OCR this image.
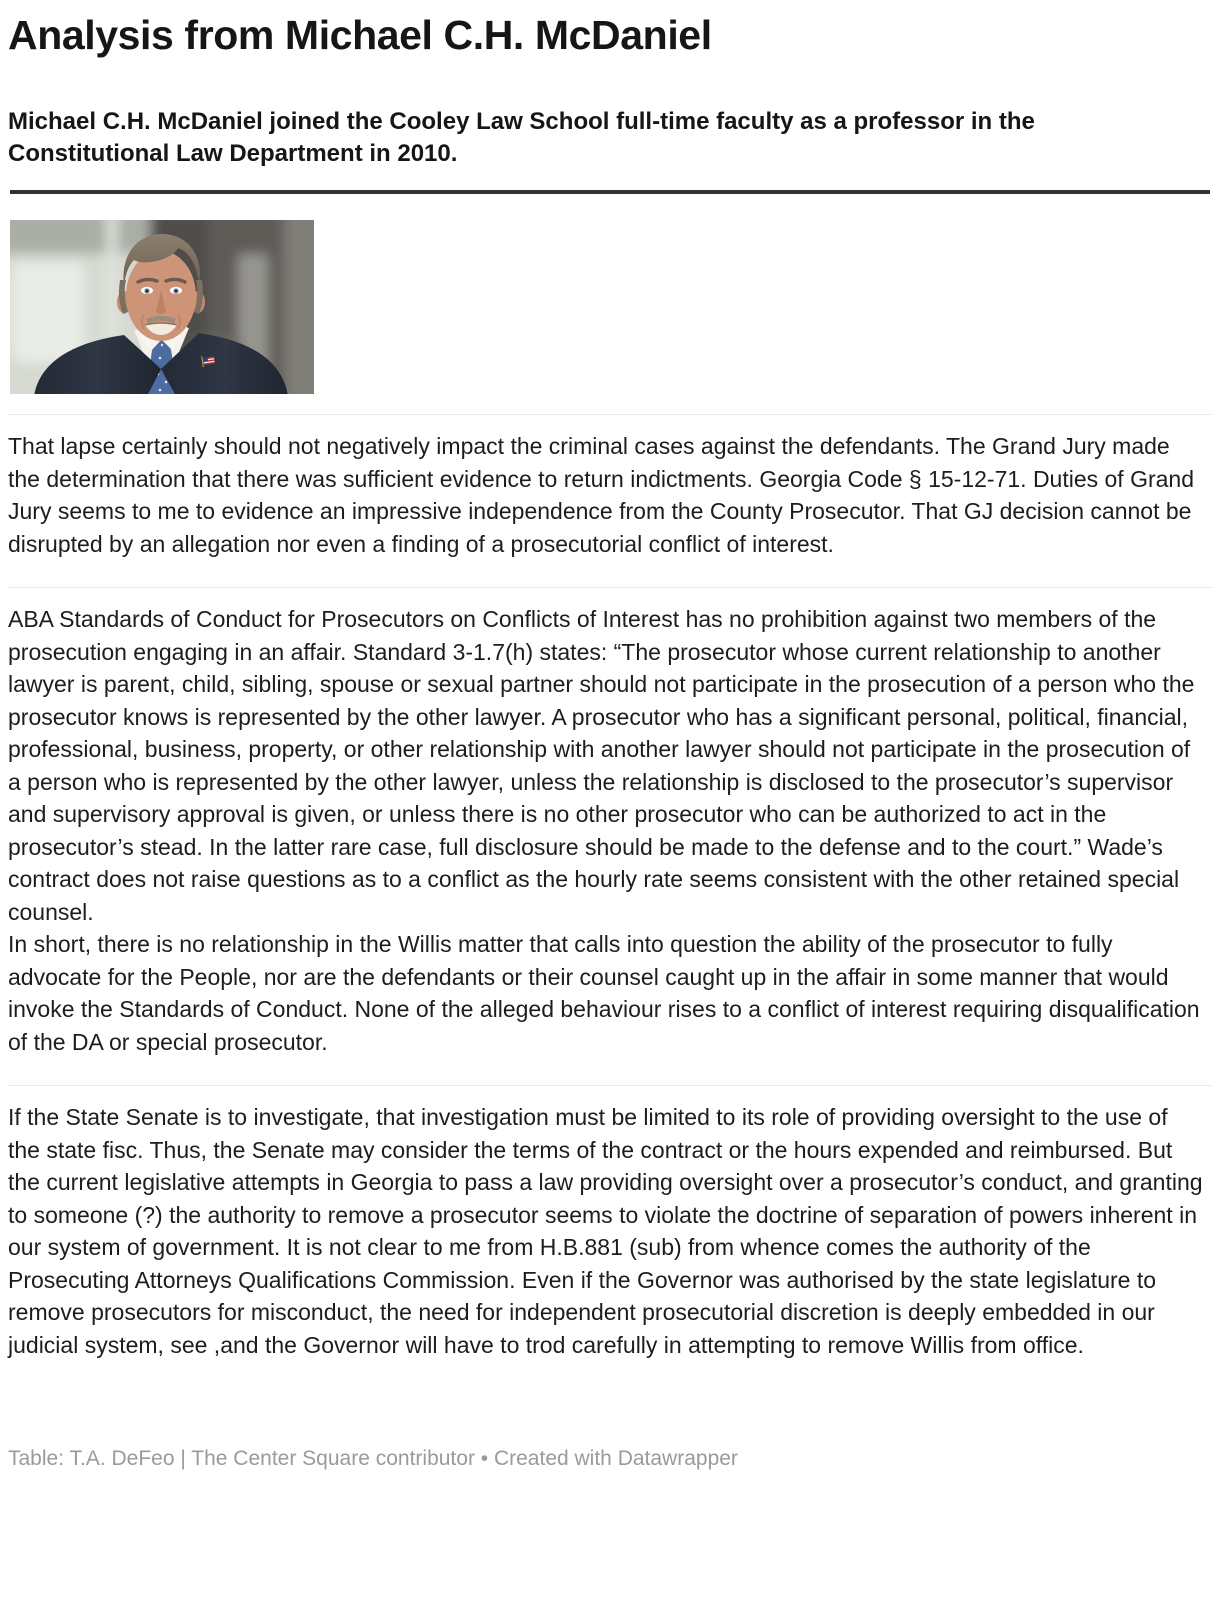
Analysis from Michael C.H. McDaniel

Michael C.H. McDaniel joined the Cooley Law School full-time faculty as a professor in the Constitutional Law Department in 2010.

That lapse certainly should not negatively impact the criminal cases against the defendants. The Grand Jury made the determination that there was sufficient evidence to return indictments. Georgia Code § 15-12-71. Duties of Grand Jury seems to me to evidence an impressive independence from the County Prosecutor. That GJ decision cannot be disrupted by an allegation nor even a finding of a prosecutorial conflict of interest.

ABA Standards of Conduct for Prosecutors on Conflicts of Interest has no prohibition against two members of the prosecution engaging in an affair. Standard 3-1.7(h) states: “The prosecutor whose current relationship to another lawyer is parent, child, sibling, spouse or sexual partner should not participate in the prosecution of a person who the prosecutor knows is represented by the other lawyer. A prosecutor who has a significant personal, political, financial, professional, business, property, or other relationship with another lawyer should not participate in the prosecution of a person who is represented by the other lawyer, unless the relationship is disclosed to the prosecutor’s supervisor and supervisory approval is given, or unless there is no other prosecutor who can be authorized to act in the prosecutor’s stead. In the latter rare case, full disclosure should be made to the defense and to the court.” Wade’s contract does not raise questions as to a conflict as the hourly rate seems consistent with the other retained special counsel.

In short, there is no relationship in the Willis matter that calls into question the ability of the prosecutor to fully advocate for the People, nor are the defendants or their counsel caught up in the affair in some manner that would invoke the Standards of Conduct. None of the alleged behaviour rises to a conflict of interest requiring disqualification of the DA or special prosecutor.

If the State Senate is to investigate, that investigation must be limited to its role of providing oversight to the use of the state fisc. Thus, the Senate may consider the terms of the contract or the hours expended and reimbursed. But the current legislative attempts in Georgia to pass a law providing oversight over a prosecutor’s conduct, and granting to someone (?) the authority to remove a prosecutor seems to violate the doctrine of separation of powers inherent in our system of government. It is not clear to me from H.B.881 (sub) from whence comes the authority of the Prosecuting Attorneys Qualifications Commission. Even if the Governor was authorised by the state legislature to remove prosecutors for misconduct, the need for independent prosecutorial discretion is deeply embedded in our judicial system, see ,and the Governor will have to trod carefully in attempting to remove Willis from office.

Table: T.A. DeFeo | The Center Square contributor • Created with Datawrapper
